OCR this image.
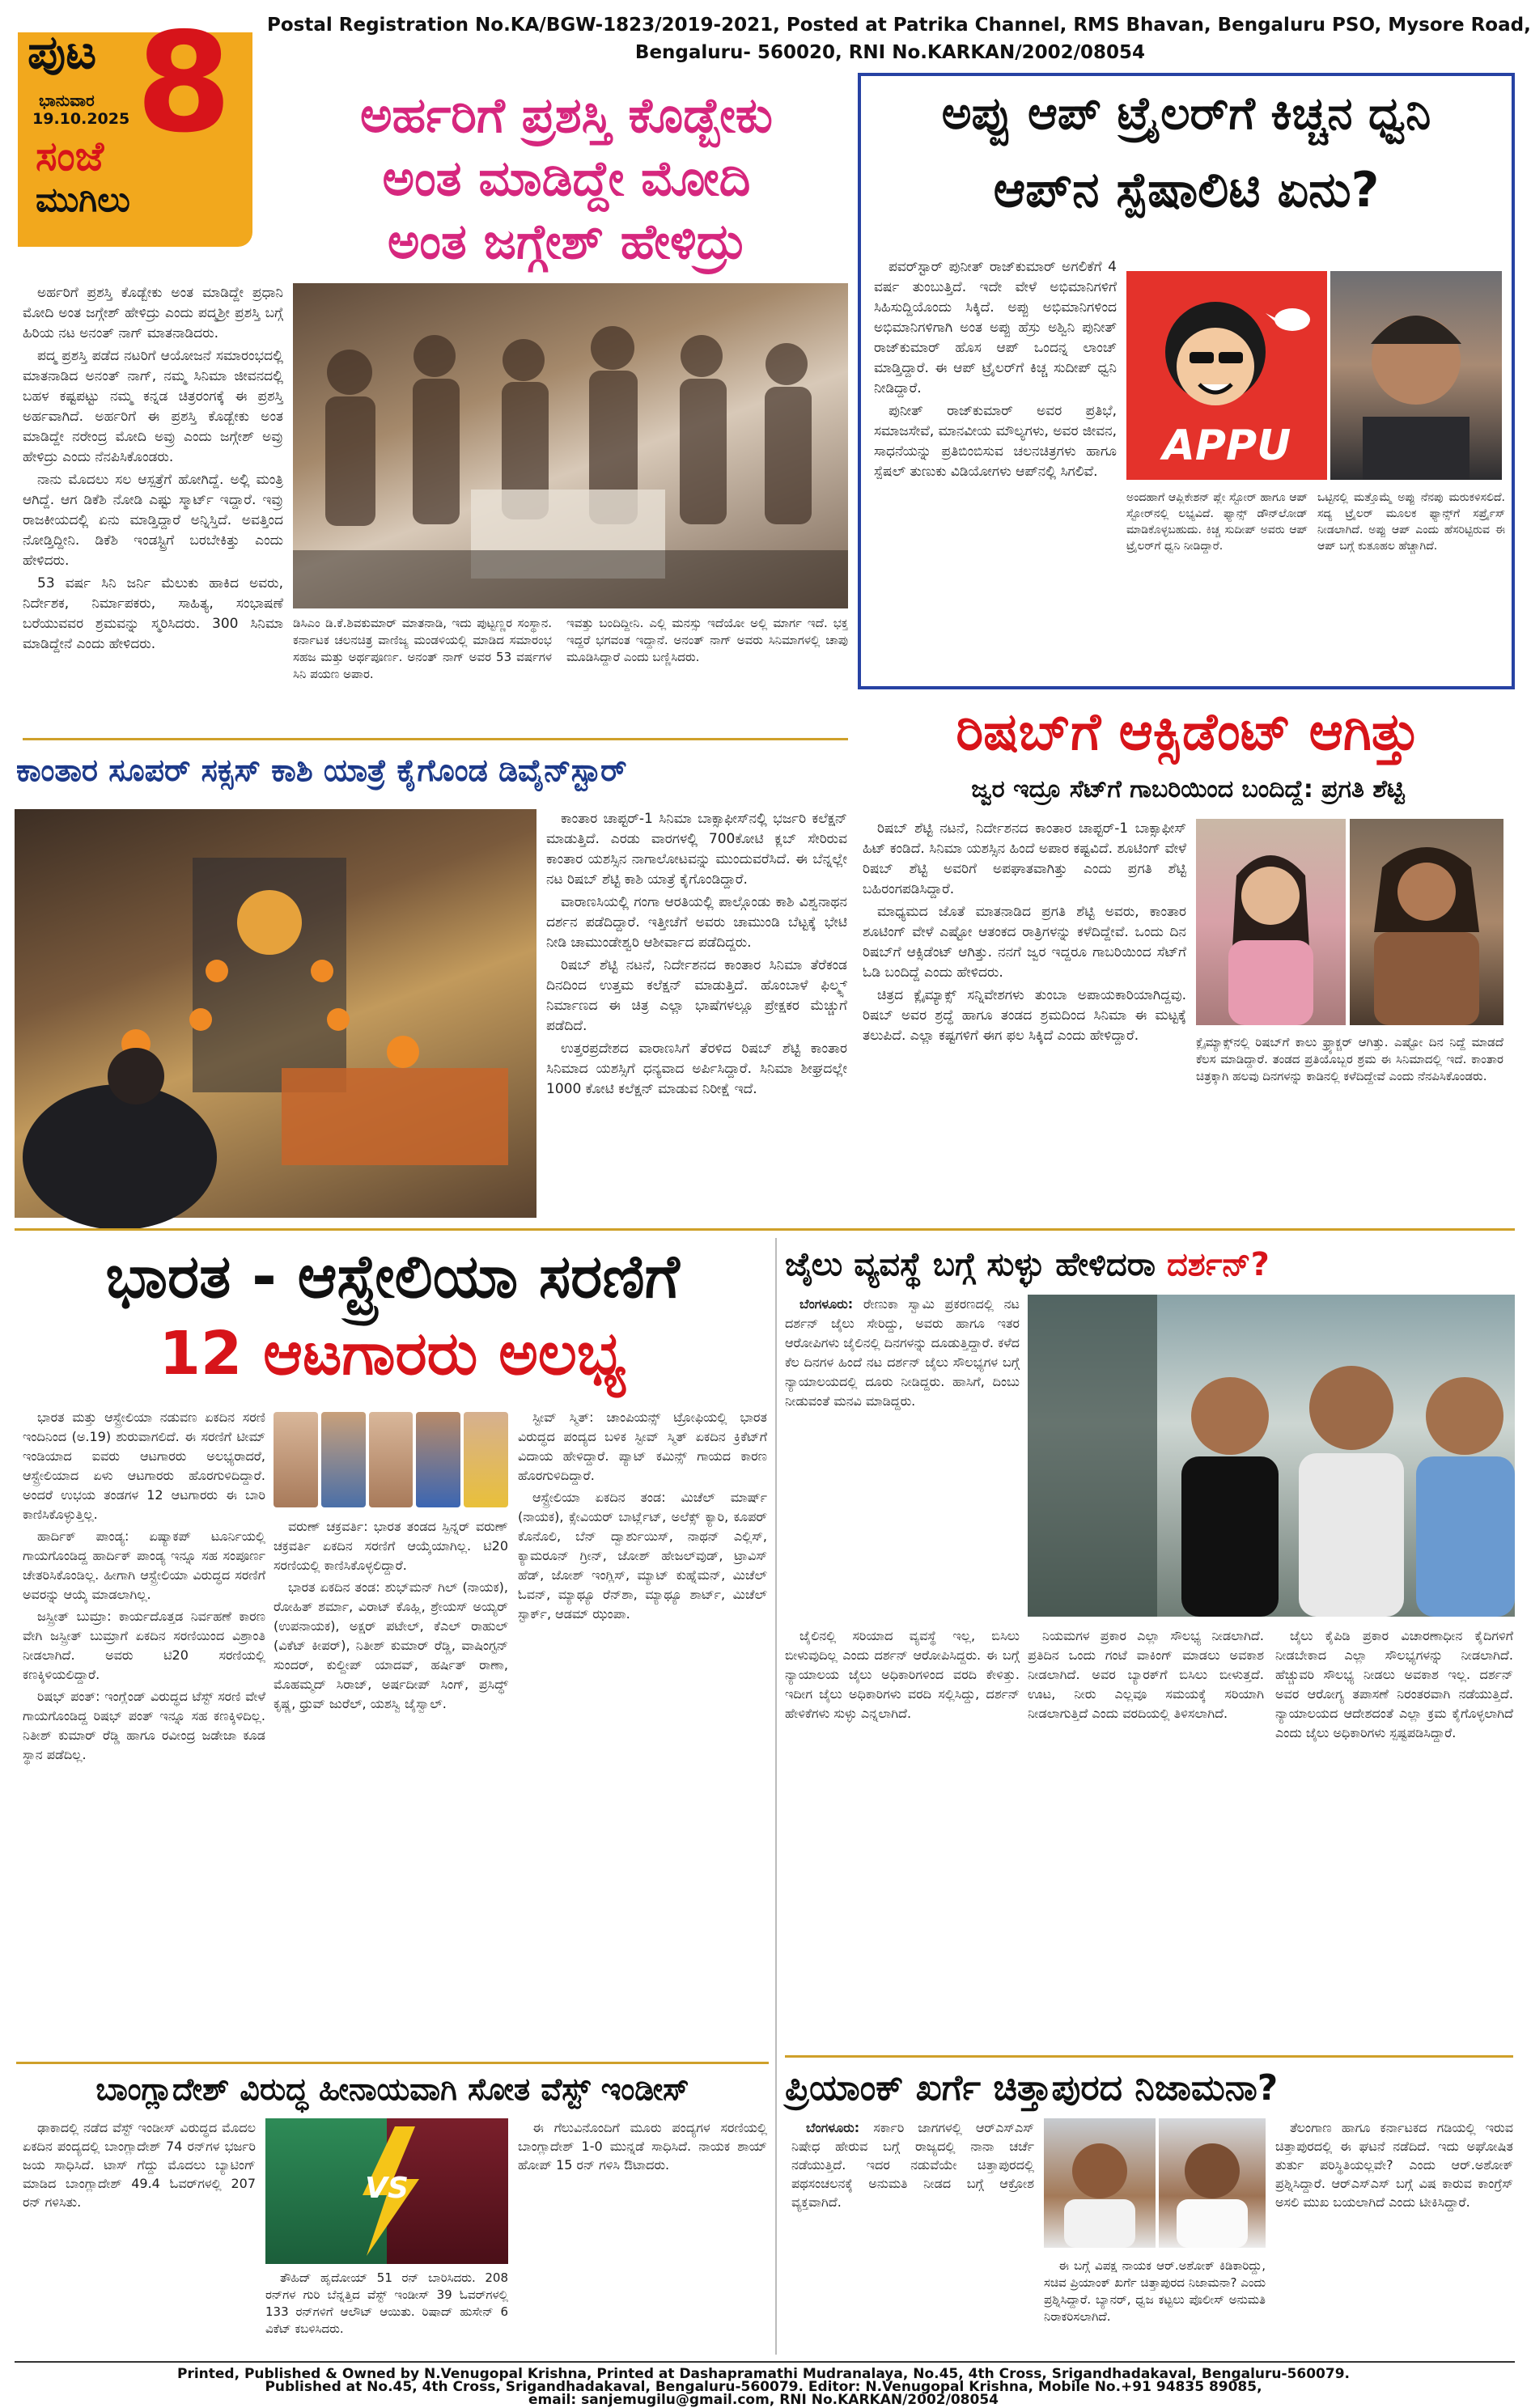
ಪುಟ 8
ಭಾನುವಾರ
19.10.2025
ಸಂಜೆ
ಮುಗಿಲು
Postal Registration No.KA/BGW-1823/2019-2021, Posted at Patrika Channel, RMS Bhavan, Bengaluru PSO, Mysore Road,
Bengaluru- 560020, RNI No.KARKAN/2002/08054
ಅರ್ಹರಿಗೆ ಪ್ರಶಸ್ತಿ ಕೊಡ್ಬೇಕು
ಅಂತ ಮಾಡಿದ್ದೇ ಮೋದಿ
ಅಂತ ಜಗ್ಗೇಶ್ ಹೇಳಿದ್ರು

ಅರ್ಹರಿಗೆ ಪ್ರಶಸ್ತಿ ಕೊಡ್ಬೇಕು ಅಂತ ಮಾಡಿದ್ದೇ ಪ್ರಧಾನಿ ಮೋದಿ ಅಂತ ಜಗ್ಗೇಶ್ ಹೇಳಿದ್ರು ಎಂದು ಪದ್ಮಶ್ರೀ ಪ್ರಶಸ್ತಿ ಬಗ್ಗೆ ಹಿರಿಯ ನಟ ಅನಂತ್ ನಾಗ್ ಮಾತನಾಡಿದರು.

ಪದ್ಮ ಪ್ರಶಸ್ತಿ ಪಡೆದ ನಟರಿಗೆ ಆಯೋಜನೆ ಸಮಾರಂಭದಲ್ಲಿ ಮಾತನಾಡಿದ ಅನಂತ್ ನಾಗ್, ನಮ್ಮ ಸಿನಿಮಾ ಜೀವನದಲ್ಲಿ ಬಹಳ ಕಷ್ಟಪಟ್ಟು ನಮ್ಮ ಕನ್ನಡ ಚಿತ್ರರಂಗಕ್ಕೆ ಈ ಪ್ರಶಸ್ತಿ ಅರ್ಹವಾಗಿದೆ. ಅರ್ಹರಿಗೆ ಈ ಪ್ರಶಸ್ತಿ ಕೊಡ್ಬೇಕು ಅಂತ ಮಾಡಿದ್ದೇ ನರೇಂದ್ರ ಮೋದಿ ಅವ್ರು ಎಂದು ಜಗ್ಗೇಶ್ ಅವ್ರು ಹೇಳಿದ್ರು ಎಂದು ನೆನಪಿಸಿಕೊಂಡರು.

ನಾನು ಮೊದಲು ಸಲ ಆಸ್ಪತ್ರೆಗೆ ಹೋಗಿದ್ದೆ. ಅಲ್ಲಿ ಮಂತ್ರಿ ಆಗಿದ್ದೆ. ಆಗ ಡಿಕೆಶಿ ನೋಡಿ ಎಷ್ಟು ಸ್ಮಾರ್ಟ್ ಇದ್ದಾರೆ. ಇವ್ರು ರಾಜಕೀಯದಲ್ಲಿ ಏನು ಮಾಡ್ತಿದ್ದಾರೆ ಅನ್ನಿಸ್ತಿದೆ. ಅವತ್ತಿಂದ ನೋಡ್ತಿದ್ದೀನಿ. ಡಿಕೆಶಿ ಇಂಡಸ್ಟ್ರಿಗೆ ಬರಬೇಕಿತ್ತು ಎಂದು ಹೇಳಿದರು.

53 ವರ್ಷ ಸಿನಿ ಜರ್ನಿ ಮೆಲುಕು ಹಾಕಿದ ಅವರು, ನಿರ್ದೇಶಕ, ನಿರ್ಮಾಪಕರು, ಸಾಹಿತ್ಯ, ಸಂಭಾಷಣೆ ಬರೆಯುವವರ ಶ್ರಮವನ್ನು ಸ್ಮರಿಸಿದರು. 300 ಸಿನಿಮಾ ಮಾಡಿದ್ದೇನೆ ಎಂದು ಹೇಳಿದರು.

ಡಿಸಿಎಂ ಡಿ.ಕೆ.ಶಿವಕುಮಾರ್ ಮಾತನಾಡಿ, ಇದು ಪುಟ್ಟಣ್ಣರ ಸಂಸ್ಥಾನ. ಕರ್ನಾಟಕ ಚಲನಚಿತ್ರ ವಾಣಿಜ್ಯ ಮಂಡಳಿಯಲ್ಲಿ ಮಾಡಿದ ಸಮಾರಂಭ ಸಹಜ ಮತ್ತು ಅರ್ಥಪೂರ್ಣ. ಅನಂತ್ ನಾಗ್ ಅವರ 53 ವರ್ಷಗಳ ಸಿನಿ ಪಯಣ ಅಪಾರ.
ಇವತ್ತು ಬಂದಿದ್ದೀನಿ. ಎಲ್ಲಿ ಮನಸ್ಸು ಇದೆಯೋ ಅಲ್ಲಿ ಮಾರ್ಗ ಇದೆ. ಭಕ್ತ ಇದ್ದರೆ ಭಗವಂತ ಇದ್ದಾನೆ. ಅನಂತ್ ನಾಗ್ ಅವರು ಸಿನಿಮಾಗಳಲ್ಲಿ ಚಾಪು ಮೂಡಿಸಿದ್ದಾರೆ ಎಂದು ಬಣ್ಣಿಸಿದರು.
ಅಪ್ಪು ಆಪ್ ಟ್ರೈಲರ್‌ಗೆ ಕಿಚ್ಚನ ಧ್ವನಿ
ಆಪ್‌ನ ಸ್ಪೆಷಾಲಿಟಿ ಏನು?

ಪವರ್‌ಸ್ಟಾರ್ ಪುನೀತ್ ರಾಜ್‌ಕುಮಾರ್ ಅಗಲಿಕೆಗೆ 4 ವರ್ಷ ತುಂಬುತ್ತಿದೆ. ಇದೇ ವೇಳೆ ಅಭಿಮಾನಿಗಳಿಗೆ ಸಿಹಿಸುದ್ದಿಯೊಂದು ಸಿಕ್ಕಿದೆ. ಅಪ್ಪು ಅಭಿಮಾನಿಗಳಿಂದ ಅಭಿಮಾನಿಗಳಿಗಾಗಿ ಅಂತ ಅಪ್ಪು ಹೆಸ್ರು ಅಶ್ವಿನಿ ಪುನೀತ್ ರಾಜ್‌ಕುಮಾರ್ ಹೊಸ ಆಪ್ ಒಂದನ್ನ ಲಾಂಚ್ ಮಾಡ್ತಿದ್ದಾರೆ. ಈ ಆಪ್ ಟ್ರೈಲರ್‌ಗೆ ಕಿಚ್ಚ ಸುದೀಪ್ ಧ್ವನಿ ನೀಡಿದ್ದಾರೆ.

ಪುನೀತ್ ರಾಜ್‌ಕುಮಾರ್ ಅವರ ಪ್ರತಿಭೆ, ಸಮಾಜಸೇವೆ, ಮಾನವೀಯ ಮೌಲ್ಯಗಳು, ಅವರ ಜೀವನ, ಸಾಧನೆಯನ್ನು ಪ್ರತಿಬಿಂಬಿಸುವ ಚಲನಚಿತ್ರಗಳು ಹಾಗೂ ಸ್ಪೆಷಲ್ ತುಣುಕು ವಿಡಿಯೋಗಳು ಆಪ್‌ನಲ್ಲಿ ಸಿಗಲಿವೆ.

APPU
ಅಂದಹಾಗೆ ಆಪ್ಲಿಕೇಶನ್ ಪ್ಲೇ ಸ್ಟೋರ್ ಹಾಗೂ ಆಪ್ ಸ್ಟೋರ್‌ನಲ್ಲಿ ಲಭ್ಯವಿದೆ. ಫ್ಯಾನ್ಸ್ ಡೌನ್‌ಲೋಡ್ ಮಾಡಿಕೊಳ್ಳಬಹುದು. ಕಿಚ್ಚ ಸುದೀಪ್ ಅವರು ಆಪ್ ಟ್ರೈಲರ್‌ಗೆ ಧ್ವನಿ ನೀಡಿದ್ದಾರೆ.
ಒಟ್ಟಿನಲ್ಲಿ ಮತ್ತೊಮ್ಮೆ ಅಪ್ಪು ನೆನಪು ಮರುಕಳಿಸಲಿದೆ. ಸದ್ಯ ಟ್ರೈಲರ್ ಮೂಲಕ ಫ್ಯಾನ್ಸ್‌ಗೆ ಸರ್ಪ್ರೈಸ್ ನೀಡಲಾಗಿದೆ. ಅಪ್ಪು ಆಪ್ ಎಂದು ಹೆಸರಿಟ್ಟಿರುವ ಈ ಆಪ್ ಬಗ್ಗೆ ಕುತೂಹಲ ಹೆಚ್ಚಾಗಿದೆ.
ಕಾಂತಾರ ಸೂಪರ್ ಸಕ್ಸಸ್ ಕಾಶಿ ಯಾತ್ರೆ ಕೈಗೊಂಡ ಡಿವೈನ್‌ಸ್ಟಾರ್

ಕಾಂತಾರ ಚಾಪ್ಟರ್-1 ಸಿನಿಮಾ ಬಾಕ್ಸಾಫೀಸ್‌ನಲ್ಲಿ ಭರ್ಜರಿ ಕಲೆಕ್ಷನ್ ಮಾಡುತ್ತಿದೆ. ಎರಡು ವಾರಗಳಲ್ಲಿ 700ಕೋಟಿ ಕ್ಲಬ್ ಸೇರಿರುವ ಕಾಂತಾರ ಯಶಸ್ಸಿನ ನಾಗಾಲೋಟವನ್ನು ಮುಂದುವರೆಸಿದೆ. ಈ ಬೆನ್ನಲ್ಲೇ ನಟ ರಿಷಬ್ ಶೆಟ್ಟಿ ಕಾಶಿ ಯಾತ್ರೆ ಕೈಗೊಂಡಿದ್ದಾರೆ.

ವಾರಾಣಸಿಯಲ್ಲಿ ಗಂಗಾ ಆರತಿಯಲ್ಲಿ ಪಾಲ್ಗೊಂಡು ಕಾಶಿ ವಿಶ್ವನಾಥನ ದರ್ಶನ ಪಡೆದಿದ್ದಾರೆ. ಇತ್ತೀಚೆಗೆ ಅವರು ಚಾಮುಂಡಿ ಬೆಟ್ಟಕ್ಕೆ ಭೇಟಿ ನೀಡಿ ಚಾಮುಂಡೇಶ್ವರಿ ಆಶೀರ್ವಾದ ಪಡೆದಿದ್ದರು.

ರಿಷಬ್ ಶೆಟ್ಟಿ ನಟನೆ, ನಿರ್ದೇಶನದ ಕಾಂತಾರ ಸಿನಿಮಾ ತೆರೆಕಂಡ ದಿನದಿಂದ ಉತ್ತಮ ಕಲೆಕ್ಷನ್ ಮಾಡುತ್ತಿದೆ. ಹೊಂಬಾಳೆ ಫಿಲ್ಮ್ಸ್ ನಿರ್ಮಾಣದ ಈ ಚಿತ್ರ ಎಲ್ಲಾ ಭಾಷೆಗಳಲ್ಲೂ ಪ್ರೇಕ್ಷಕರ ಮೆಚ್ಚುಗೆ ಪಡೆದಿದೆ.

ಉತ್ತರಪ್ರದೇಶದ ವಾರಾಣಸಿಗೆ ತೆರಳಿದ ರಿಷಬ್ ಶೆಟ್ಟಿ ಕಾಂತಾರ ಸಿನಿಮಾದ ಯಶಸ್ಸಿಗೆ ಧನ್ಯವಾದ ಅರ್ಪಿಸಿದ್ದಾರೆ. ಸಿನಿಮಾ ಶೀಘ್ರದಲ್ಲೇ 1000 ಕೋಟಿ ಕಲೆಕ್ಷನ್ ಮಾಡುವ ನಿರೀಕ್ಷೆ ಇದೆ.

ರಿಷಬ್‌ಗೆ ಆಕ್ಸಿಡೆಂಟ್ ಆಗಿತ್ತು
ಜ್ವರ ಇದ್ರೂ ಸೆಟ್‌ಗೆ ಗಾಬರಿಯಿಂದ ಬಂದಿದ್ದೆ: ಪ್ರಗತಿ ಶೆಟ್ಟಿ

ರಿಷಬ್ ಶೆಟ್ಟಿ ನಟನೆ, ನಿರ್ದೇಶನದ ಕಾಂತಾರ ಚಾಪ್ಟರ್-1 ಬಾಕ್ಸಾಫೀಸ್ ಹಿಟ್ ಕಂಡಿದೆ. ಸಿನಿಮಾ ಯಶಸ್ಸಿನ ಹಿಂದೆ ಅಪಾರ ಕಷ್ಟವಿದೆ. ಶೂಟಿಂಗ್ ವೇಳೆ ರಿಷಬ್ ಶೆಟ್ಟಿ ಅವರಿಗೆ ಅಪಘಾತವಾಗಿತ್ತು ಎಂದು ಪ್ರಗತಿ ಶೆಟ್ಟಿ ಬಹಿರಂಗಪಡಿಸಿದ್ದಾರೆ.

ಮಾಧ್ಯಮದ ಜೊತೆ ಮಾತನಾಡಿದ ಪ್ರಗತಿ ಶೆಟ್ಟಿ ಅವರು, ಕಾಂತಾರ ಶೂಟಿಂಗ್ ವೇಳೆ ಎಷ್ಟೋ ಆತಂಕದ ರಾತ್ರಿಗಳನ್ನು ಕಳೆದಿದ್ದೇವೆ. ಒಂದು ದಿನ ರಿಷಬ್‌ಗೆ ಆಕ್ಸಿಡೆಂಟ್ ಆಗಿತ್ತು. ನನಗೆ ಜ್ವರ ಇದ್ದರೂ ಗಾಬರಿಯಿಂದ ಸೆಟ್‌ಗೆ ಓಡಿ ಬಂದಿದ್ದೆ ಎಂದು ಹೇಳಿದರು.

ಚಿತ್ರದ ಕ್ಲೈಮ್ಯಾಕ್ಸ್ ಸನ್ನಿವೇಶಗಳು ತುಂಬಾ ಅಪಾಯಕಾರಿಯಾಗಿದ್ದವು. ರಿಷಬ್ ಅವರ ಶ್ರದ್ಧೆ ಹಾಗೂ ತಂಡದ ಶ್ರಮದಿಂದ ಸಿನಿಮಾ ಈ ಮಟ್ಟಕ್ಕೆ ತಲುಪಿದೆ. ಎಲ್ಲಾ ಕಷ್ಟಗಳಿಗೆ ಈಗ ಫಲ ಸಿಕ್ಕಿದೆ ಎಂದು ಹೇಳಿದ್ದಾರೆ.	ಕ್ಲೈಮ್ಯಾಕ್ಸ್‌ನಲ್ಲಿ ರಿಷಬ್‌ಗೆ ಕಾಲು ಫ್ರ್ಯಾಕ್ಚರ್ ಆಗಿತ್ತು. ಎಷ್ಟೋ ದಿನ ನಿದ್ದೆ ಮಾಡದೆ ಕೆಲಸ ಮಾಡಿದ್ದಾರೆ. ತಂಡದ ಪ್ರತಿಯೊಬ್ಬರ ಶ್ರಮ ಈ ಸಿನಿಮಾದಲ್ಲಿ ಇದೆ. ಕಾಂತಾರ ಚಿತ್ರಕ್ಕಾಗಿ ಹಲವು ದಿನಗಳನ್ನು ಕಾಡಿನಲ್ಲಿ ಕಳೆದಿದ್ದೇವೆ ಎಂದು ನೆನಪಿಸಿಕೊಂಡರು.
ಭಾರತ - ಆಸ್ಟ್ರೇಲಿಯಾ ಸರಣಿಗೆ
12 ಆಟಗಾರರು ಅಲಭ್ಯ

ಭಾರತ ಮತ್ತು ಆಸ್ಟ್ರೇಲಿಯಾ ನಡುವಣ ಏಕದಿನ ಸರಣಿ ಇಂದಿನಿಂದ (ಅ.19) ಶುರುವಾಗಲಿದೆ. ಈ ಸರಣಿಗೆ ಟೀಮ್ ಇಂಡಿಯಾದ ಐವರು ಆಟಗಾರರು ಅಲಭ್ಯರಾದರೆ, ಆಸ್ಟ್ರೇಲಿಯಾದ ಏಳು ಆಟಗಾರರು ಹೊರಗುಳಿದಿದ್ದಾರೆ. ಅಂದರೆ ಉಭಯ ತಂಡಗಳ 12 ಆಟಗಾರರು ಈ ಬಾರಿ ಕಾಣಿಸಿಕೊಳ್ಳುತ್ತಿಲ್ಲ.

ಹಾರ್ದಿಕ್ ಪಾಂಡ್ಯ: ಏಷ್ಯಾಕಪ್ ಟೂರ್ನಿಯಲ್ಲಿ ಗಾಯಗೊಂಡಿದ್ದ ಹಾರ್ದಿಕ್ ಪಾಂಡ್ಯ ಇನ್ನೂ ಸಹ ಸಂಪೂರ್ಣ ಚೇತರಿಸಿಕೊಂಡಿಲ್ಲ. ಹೀಗಾಗಿ ಆಸ್ಟ್ರೇಲಿಯಾ ವಿರುದ್ಧದ ಸರಣಿಗೆ ಅವರನ್ನು ಆಯ್ಕೆ ಮಾಡಲಾಗಿಲ್ಲ.

ಜಸ್ಪ್ರೀತ್ ಬುಮ್ರಾ: ಕಾರ್ಯದೊತ್ತಡ ನಿರ್ವಹಣೆ ಕಾರಣ ವೇಗಿ ಜಸ್ಪ್ರೀತ್ ಬುಮ್ರಾಗೆ ಏಕದಿನ ಸರಣಿಯಿಂದ ವಿಶ್ರಾಂತಿ ನೀಡಲಾಗಿದೆ. ಅವರು ಟಿ20 ಸರಣಿಯಲ್ಲಿ ಕಣಕ್ಕಿಳಿಯಲಿದ್ದಾರೆ.

ರಿಷಭ್ ಪಂತ್: ಇಂಗ್ಲೆಂಡ್ ವಿರುದ್ಧದ ಟೆಸ್ಟ್ ಸರಣಿ ವೇಳೆ ಗಾಯಗೊಂಡಿದ್ದ ರಿಷಭ್ ಪಂತ್ ಇನ್ನೂ ಸಹ ಕಣಕ್ಕಿಳಿದಿಲ್ಲ. ನಿತೀಶ್ ಕುಮಾರ್ ರೆಡ್ಡಿ ಹಾಗೂ ರವೀಂದ್ರ ಜಡೇಜಾ ಕೂಡ ಸ್ಥಾನ ಪಡೆದಿಲ್ಲ.

ವರುಣ್ ಚಕ್ರವರ್ತಿ: ಭಾರತ ತಂಡದ ಸ್ಪಿನ್ನರ್ ವರುಣ್ ಚಕ್ರವರ್ತಿ ಏಕದಿನ ಸರಣಿಗೆ ಆಯ್ಕೆಯಾಗಿಲ್ಲ. ಟಿ20 ಸರಣಿಯಲ್ಲಿ ಕಾಣಿಸಿಕೊಳ್ಳಲಿದ್ದಾರೆ.

ಭಾರತ ಏಕದಿನ ತಂಡ: ಶುಭ್‌ಮನ್ ಗಿಲ್ (ನಾಯಕ), ರೋಹಿತ್ ಶರ್ಮಾ, ವಿರಾಟ್ ಕೊಹ್ಲಿ, ಶ್ರೇಯಸ್ ಅಯ್ಯರ್ (ಉಪನಾಯಕ), ಅಕ್ಷರ್ ಪಟೇಲ್, ಕೆಎಲ್ ರಾಹುಲ್ (ವಿಕೆಟ್ ಕೀಪರ್), ನಿತೀಶ್ ಕುಮಾರ್ ರೆಡ್ಡಿ, ವಾಷಿಂಗ್ಟನ್ ಸುಂದರ್, ಕುಲ್ದೀಪ್ ಯಾದವ್, ಹರ್ಷಿತ್ ರಾಣಾ, ಮೊಹಮ್ಮದ್ ಸಿರಾಜ್, ಅರ್ಷದೀಪ್ ಸಿಂಗ್, ಪ್ರಸಿದ್ಧ್ ಕೃಷ್ಣ, ಧ್ರುವ್ ಜುರೆಲ್, ಯಶಸ್ವಿ ಜೈಸ್ವಾಲ್.

ಸ್ಟೀವ್ ಸ್ಮಿತ್: ಚಾಂಪಿಯನ್ಸ್ ಟ್ರೋಫಿಯಲ್ಲಿ ಭಾರತ ವಿರುದ್ಧದ ಪಂದ್ಯದ ಬಳಿಕ ಸ್ಟೀವ್ ಸ್ಮಿತ್ ಏಕದಿನ ಕ್ರಿಕೆಟ್‌ಗೆ ವಿದಾಯ ಹೇಳಿದ್ದಾರೆ. ಪ್ಯಾಟ್ ಕಮಿನ್ಸ್ ಗಾಯದ ಕಾರಣ ಹೊರಗುಳಿದಿದ್ದಾರೆ.

ಆಸ್ಟ್ರೇಲಿಯಾ ಏಕದಿನ ತಂಡ: ಮಿಚೆಲ್ ಮಾರ್ಷ್ (ನಾಯಕ), ಕ್ಸೇವಿಯರ್ ಬಾರ್ಟ್ಲೆಟ್, ಅಲೆಕ್ಸ್ ಕ್ಯಾರಿ, ಕೂಪರ್ ಕೊನೊಲಿ, ಬೆನ್ ದ್ವಾರ್ಶುಯಿಸ್, ನಾಥನ್ ಎಲ್ಲಿಸ್, ಕ್ಯಾಮರೂನ್ ಗ್ರೀನ್, ಜೋಶ್ ಹೇಜಲ್‌ವುಡ್, ಟ್ರಾವಿಸ್ ಹೆಡ್, ಜೋಶ್ ಇಂಗ್ಲಿಸ್, ಮ್ಯಾಟ್ ಕುಹ್ನೆಮನ್, ಮಿಚೆಲ್ ಓವನ್, ಮ್ಯಾಥ್ಯೂ ರೆನ್‌ಶಾ, ಮ್ಯಾಥ್ಯೂ ಶಾರ್ಟ್, ಮಿಚೆಲ್ ಸ್ಟಾರ್ಕ್, ಆಡಮ್ ಝಂಪಾ.

ಬಾಂಗ್ಲಾದೇಶ್ ವಿರುದ್ಧ ಹೀನಾಯವಾಗಿ ಸೋತ ವೆಸ್ಟ್ ಇಂಡೀಸ್

ಢಾಕಾದಲ್ಲಿ ನಡೆದ ವೆಸ್ಟ್ ಇಂಡೀಸ್ ವಿರುದ್ಧದ ಮೊದಲ ಏಕದಿನ ಪಂದ್ಯದಲ್ಲಿ ಬಾಂಗ್ಲಾದೇಶ್ 74 ರನ್‌ಗಳ ಭರ್ಜರಿ ಜಯ ಸಾಧಿಸಿದೆ. ಟಾಸ್ ಗೆದ್ದು ಮೊದಲು ಬ್ಯಾಟಿಂಗ್ ಮಾಡಿದ ಬಾಂಗ್ಲಾದೇಶ್ 49.4 ಓವರ್‌ಗಳಲ್ಲಿ 207 ರನ್ ಗಳಿಸಿತು.	VS

ತೌಹಿದ್ ಹೃದೋಯ್ 51 ರನ್ ಬಾರಿಸಿದರು. 208 ರನ್‌ಗಳ ಗುರಿ ಬೆನ್ನತ್ತಿದ ವೆಸ್ಟ್ ಇಂಡೀಸ್ 39 ಓವರ್‌ಗಳಲ್ಲಿ 133 ರನ್‌ಗಳಿಗೆ ಆಲೌಟ್ ಆಯಿತು. ರಿಷಾದ್ ಹುಸೇನ್ 6 ವಿಕೆಟ್ ಕಬಳಿಸಿದರು.

ಈ ಗೆಲುವಿನೊಂದಿಗೆ ಮೂರು ಪಂದ್ಯಗಳ ಸರಣಿಯಲ್ಲಿ ಬಾಂಗ್ಲಾದೇಶ್ 1-0 ಮುನ್ನಡೆ ಸಾಧಿಸಿದೆ. ನಾಯಕ ಶಾಯ್ ಹೋಪ್ 15 ರನ್ ಗಳಿಸಿ ಔಟಾದರು.

ಜೈಲು ವ್ಯವಸ್ಥೆ ಬಗ್ಗೆ ಸುಳ್ಳು ಹೇಳಿದರಾ ದರ್ಶನ್?

ಬೆಂಗಳೂರು: ರೇಣುಕಾ ಸ್ವಾಮಿ ಪ್ರಕರಣದಲ್ಲಿ ನಟ ದರ್ಶನ್ ಜೈಲು ಸೇರಿದ್ದು, ಅವರು ಹಾಗೂ ಇತರ ಆರೋಪಿಗಳು ಜೈಲಿನಲ್ಲಿ ದಿನಗಳನ್ನು ದೂಡುತ್ತಿದ್ದಾರೆ. ಕಳೆದ ಕೆಲ ದಿನಗಳ ಹಿಂದೆ ನಟ ದರ್ಶನ್ ಜೈಲು ಸೌಲಭ್ಯಗಳ ಬಗ್ಗೆ ನ್ಯಾಯಾಲಯದಲ್ಲಿ ದೂರು ನೀಡಿದ್ದರು. ಹಾಸಿಗೆ, ದಿಂಬು ನೀಡುವಂತೆ ಮನವಿ ಮಾಡಿದ್ದರು.

ಜೈಲಿನಲ್ಲಿ ಸರಿಯಾದ ವ್ಯವಸ್ಥೆ ಇಲ್ಲ, ಬಿಸಿಲು ಬೀಳುವುದಿಲ್ಲ ಎಂದು ದರ್ಶನ್ ಆರೋಪಿಸಿದ್ದರು. ಈ ಬಗ್ಗೆ ನ್ಯಾಯಾಲಯ ಜೈಲು ಅಧಿಕಾರಿಗಳಿಂದ ವರದಿ ಕೇಳಿತ್ತು. ಇದೀಗ ಜೈಲು ಅಧಿಕಾರಿಗಳು ವರದಿ ಸಲ್ಲಿಸಿದ್ದು, ದರ್ಶನ್ ಹೇಳಿಕೆಗಳು ಸುಳ್ಳು ಎನ್ನಲಾಗಿದೆ.

ನಿಯಮಗಳ ಪ್ರಕಾರ ಎಲ್ಲಾ ಸೌಲಭ್ಯ ನೀಡಲಾಗಿದೆ. ಪ್ರತಿದಿನ ಒಂದು ಗಂಟೆ ವಾಕಿಂಗ್ ಮಾಡಲು ಅವಕಾಶ ನೀಡಲಾಗಿದೆ. ಅವರ ಬ್ಯಾರಕ್‌ಗೆ ಬಿಸಿಲು ಬೀಳುತ್ತದೆ. ಊಟ, ನೀರು ಎಲ್ಲವೂ ಸಮಯಕ್ಕೆ ಸರಿಯಾಗಿ ನೀಡಲಾಗುತ್ತಿದೆ ಎಂದು ವರದಿಯಲ್ಲಿ ತಿಳಿಸಲಾಗಿದೆ.

ಜೈಲು ಕೈಪಿಡಿ ಪ್ರಕಾರ ವಿಚಾರಣಾಧೀನ ಕೈದಿಗಳಿಗೆ ನೀಡಬೇಕಾದ ಎಲ್ಲಾ ಸೌಲಭ್ಯಗಳನ್ನು ನೀಡಲಾಗಿದೆ. ಹೆಚ್ಚುವರಿ ಸೌಲಭ್ಯ ನೀಡಲು ಅವಕಾಶ ಇಲ್ಲ. ದರ್ಶನ್ ಅವರ ಆರೋಗ್ಯ ತಪಾಸಣೆ ನಿರಂತರವಾಗಿ ನಡೆಯುತ್ತಿದೆ. ನ್ಯಾಯಾಲಯದ ಆದೇಶದಂತೆ ಎಲ್ಲಾ ಕ್ರಮ ಕೈಗೊಳ್ಳಲಾಗಿದೆ ಎಂದು ಜೈಲು ಅಧಿಕಾರಿಗಳು ಸ್ಪಷ್ಟಪಡಿಸಿದ್ದಾರೆ.

ಪ್ರಿಯಾಂಕ್ ಖರ್ಗೆ ಚಿತ್ತಾಪುರದ ನಿಜಾಮನಾ?

ಬೆಂಗಳೂರು: ಸರ್ಕಾರಿ ಜಾಗಗಳಲ್ಲಿ ಆರ್‌ಎಸ್‌ಎಸ್ ನಿಷೇಧ ಹೇರುವ ಬಗ್ಗೆ ರಾಜ್ಯದಲ್ಲಿ ನಾನಾ ಚರ್ಚೆ ನಡೆಯುತ್ತಿದೆ. ಇದರ ನಡುವೆಯೇ ಚಿತ್ತಾಪುರದಲ್ಲಿ ಪಥಸಂಚಲನಕ್ಕೆ ಅನುಮತಿ ನೀಡದ ಬಗ್ಗೆ ಆಕ್ರೋಶ ವ್ಯಕ್ತವಾಗಿದೆ.

ಈ ಬಗ್ಗೆ ವಿಪಕ್ಷ ನಾಯಕ ಆರ್.ಅಶೋಕ್ ಕಿಡಿಕಾರಿದ್ದು, ಸಚಿವ ಪ್ರಿಯಾಂಕ್ ಖರ್ಗೆ ಚಿತ್ತಾಪುರದ ನಿಜಾಮನಾ? ಎಂದು ಪ್ರಶ್ನಿಸಿದ್ದಾರೆ. ಬ್ಯಾನರ್, ಧ್ವಜ ಕಟ್ಟಲು ಪೊಲೀಸ್ ಅನುಮತಿ ನಿರಾಕರಿಸಲಾಗಿದೆ.

ತೆಲಂಗಾಣ ಹಾಗೂ ಕರ್ನಾಟಕದ ಗಡಿಯಲ್ಲಿ ಇರುವ ಚಿತ್ತಾಪುರದಲ್ಲಿ ಈ ಘಟನೆ ನಡೆದಿದೆ. ಇದು ಅಘೋಷಿತ ತುರ್ತು ಪರಿಸ್ಥಿತಿಯಲ್ಲವೇ? ಎಂದು ಆರ್.ಅಶೋಕ್ ಪ್ರಶ್ನಿಸಿದ್ದಾರೆ. ಆರ್‌ಎಸ್‌ಎಸ್ ಬಗ್ಗೆ ವಿಷ ಕಾರುವ ಕಾಂಗ್ರೆಸ್ ಅಸಲಿ ಮುಖ ಬಯಲಾಗಿದೆ ಎಂದು ಟೀಕಿಸಿದ್ದಾರೆ.

Printed, Published & Owned by N.Venugopal Krishna, Printed at Dashapramathi Mudranalaya, No.45, 4th Cross, Srigandhadakaval, Bengaluru-560079.
Published at No.45, 4th Cross, Srigandhadakaval, Bengaluru-560079. Editor: N.Venugopal Krishna, Mobile No.+91 94835 89085,
email: sanjemugilu@gmail.com, RNI No.KARKAN/2002/08054
